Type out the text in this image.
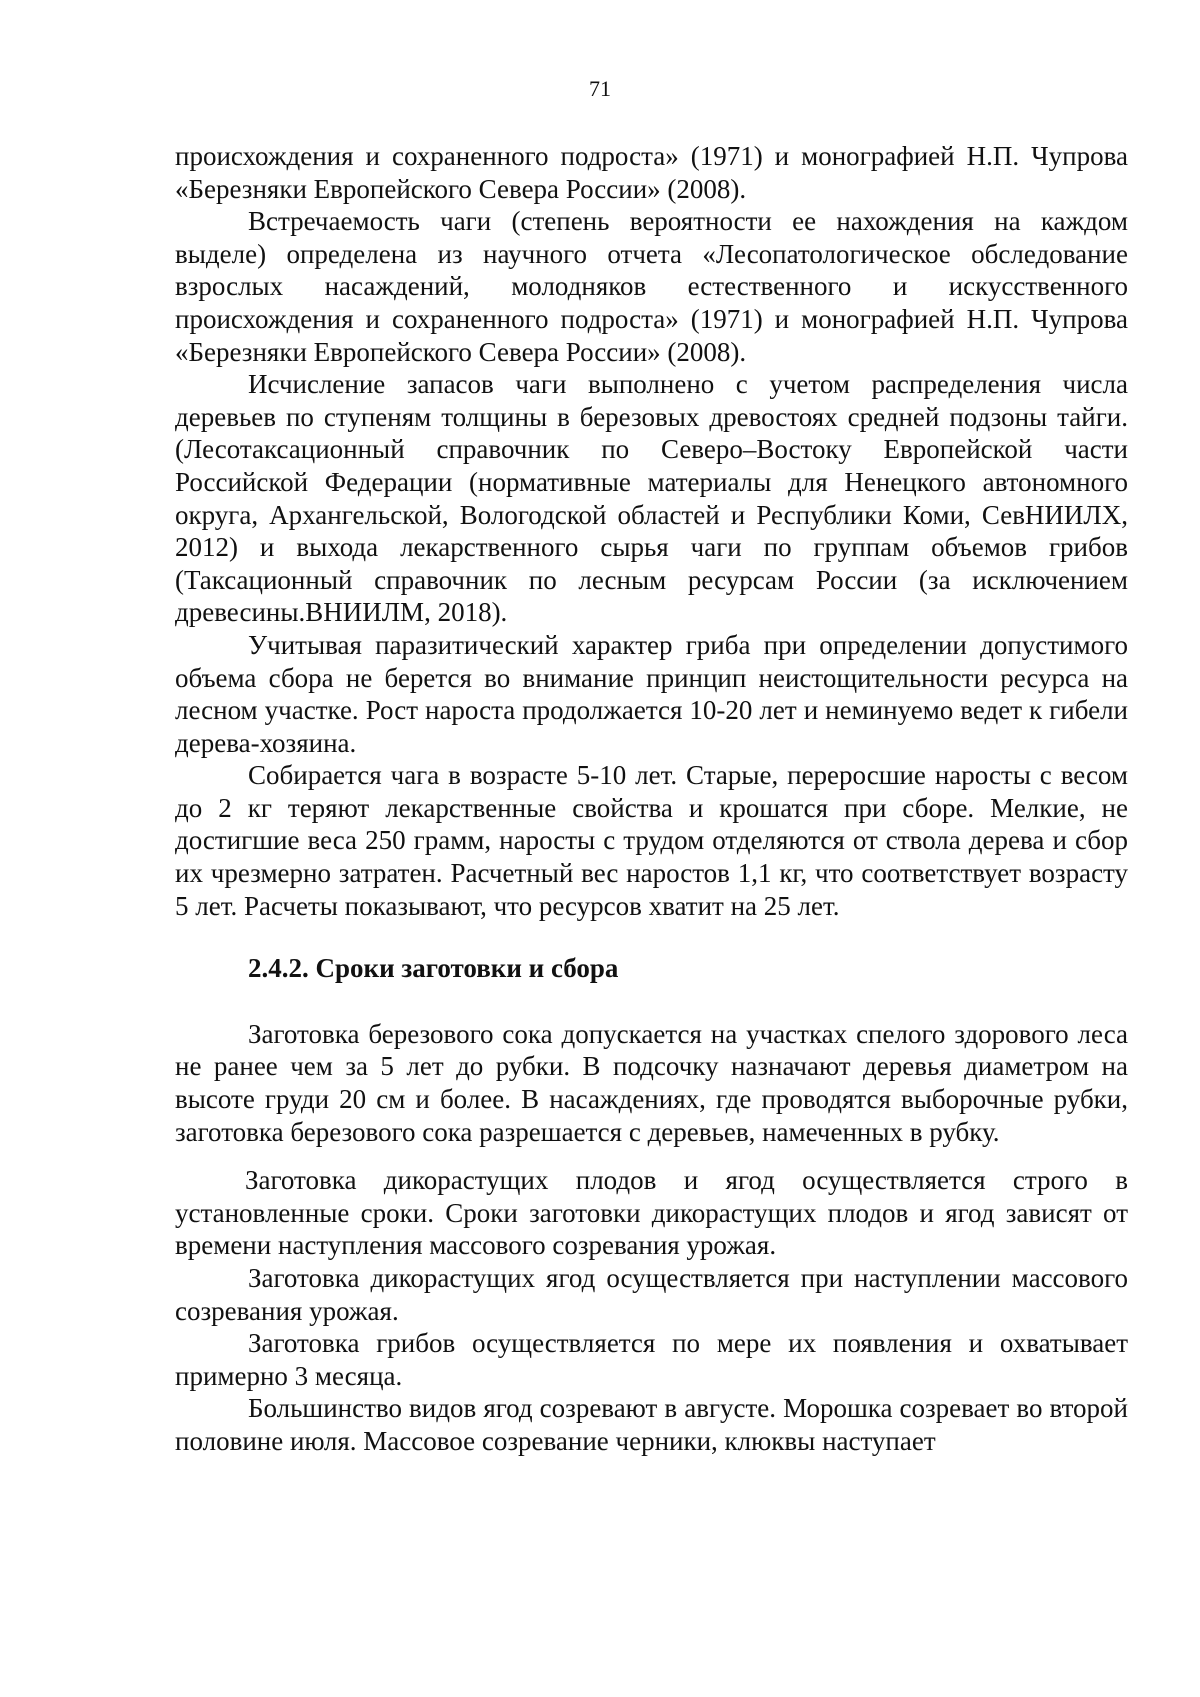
71

происхождения и сохраненного подроста» (1971) и монографией Н.П. Чупрова «Березняки Европейского Севера России» (2008).

Встречаемость чаги (степень вероятности ее нахождения на каждом выделе) определена из научного отчета «Лесопатологическое обследование взрослых насаждений, молодняков естественного и искусственного происхождения и сохраненного подроста» (1971) и монографией Н.П. Чупрова «Березняки Европейского Севера России» (2008).

Исчисление запасов чаги выполнено с учетом распределения числа деревьев по ступеням толщины в березовых древостоях средней подзоны тайги. (Лесотаксационный справочник по Северо–Востоку Европейской части Российской Федерации (нормативные материалы для Ненецкого автономного округа, Архангельской, Вологодской областей и Республики Коми, СевНИИЛХ, 2012) и выхода лекарственного сырья чаги по группам объемов грибов (Таксационный справочник по лесным ресурсам России (за исключением древесины.ВНИИЛМ, 2018).

Учитывая паразитический характер гриба при определении допустимого объема сбора не берется во внимание принцип неистощительности ресурса на лесном участке. Рост нароста продолжается 10-20 лет и неминуемо ведет к гибели дерева-хозяина.

Собирается чага в возрасте 5-10 лет. Старые, переросшие наросты с весом до 2 кг теряют лекарственные свойства и крошатся при сборе. Мелкие, не достигшие веса 250 грамм, наросты с трудом отделяются от ствола дерева и сбор их чрезмерно затратен. Расчетный вес наростов 1,1 кг, что соответствует возрасту 5 лет. Расчеты показывают, что ресурсов хватит на 25 лет.

2.4.2. Сроки заготовки и сбора

Заготовка березового сока допускается на участках спелого здорового леса не ранее чем за 5 лет до рубки. В подсочку назначают деревья диаметром на высоте груди 20 см и более. В насаждениях, где проводятся выборочные рубки, заготовка березового сока разрешается с деревьев, намеченных в рубку.

Заготовка дикорастущих плодов и ягод осуществляется строго в установленные сроки. Сроки заготовки дикорастущих плодов и ягод зависят от времени наступления массового созревания урожая.

Заготовка дикорастущих ягод осуществляется при наступлении массового созревания урожая.

Заготовка грибов осуществляется по мере их появления и охватывает примерно 3 месяца.

Большинство видов ягод созревают в августе. Морошка созревает во второй половине июля. Массовое созревание черники, клюквы наступает
